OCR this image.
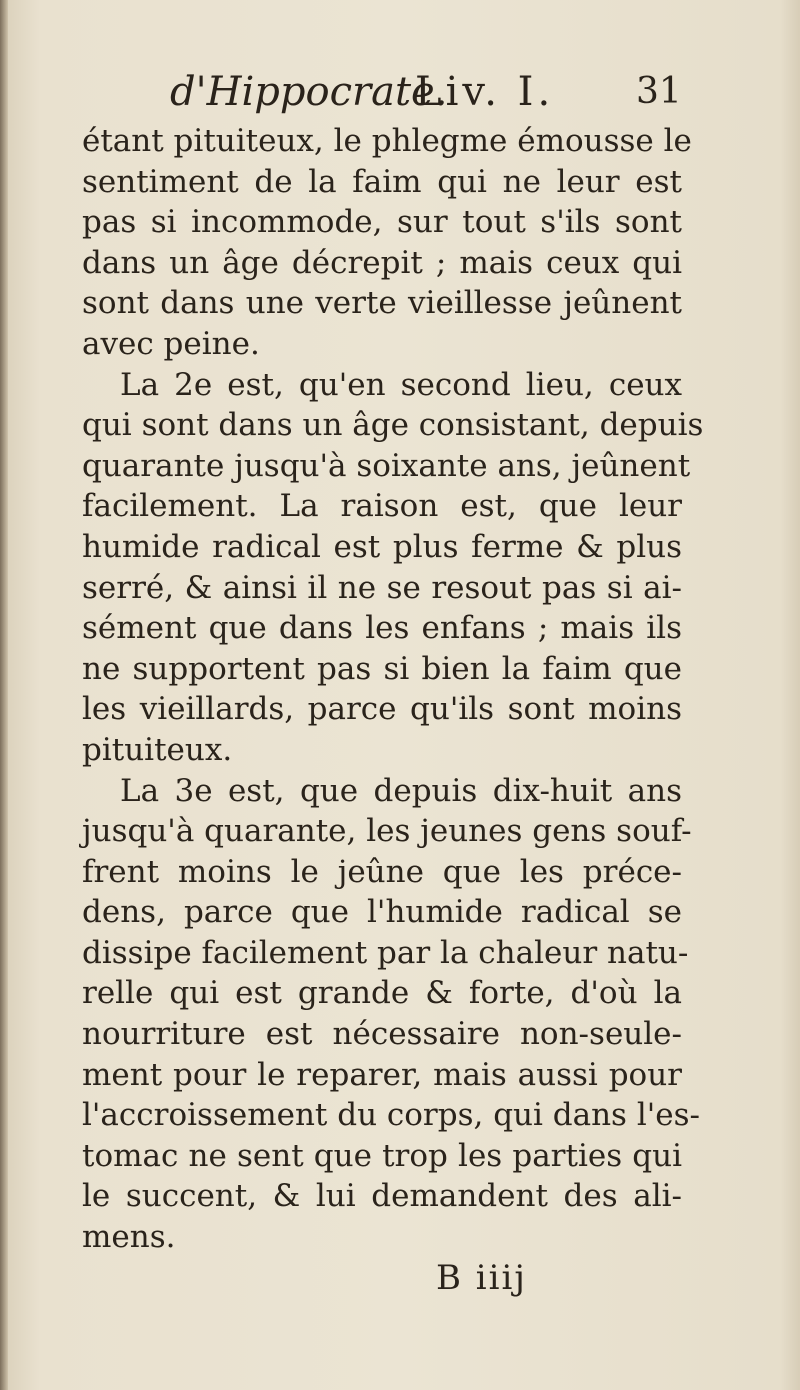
d'Hippocrate.
Liv. I. 31
étant pituiteux, le phlegme émousse le
sentiment de la faim qui ne leur est
pas si incommode, sur tout s'ils sont
dans un âge décrepit ; mais ceux qui
sont dans une verte vieillesse jeûnent
avec peine.
La 2e est, qu'en second lieu, ceux
qui sont dans un âge consistant, depuis
quarante jusqu'à soixante ans, jeûnent
facilement. La raison est, que leur
humide radical est plus ferme & plus
serré, & ainsi il ne se resout pas si ai-
sément que dans les enfans ; mais ils
ne supportent pas si bien la faim que
les vieillards, parce qu'ils sont moins
pituiteux.
La 3e est, que depuis dix-huit ans
jusqu'à quarante, les jeunes gens souf-
frent moins le jeûne que les préce-
dens, parce que l'humide radical se
dissipe facilement par la chaleur natu-
relle qui est grande & forte, d'où la
nourriture est nécessaire non-seule-
ment pour le reparer, mais aussi pour
l'accroissement du corps, qui dans l'es-
tomac ne sent que trop les parties qui
le succent, & lui demandent des ali-
mens.
B iiij
